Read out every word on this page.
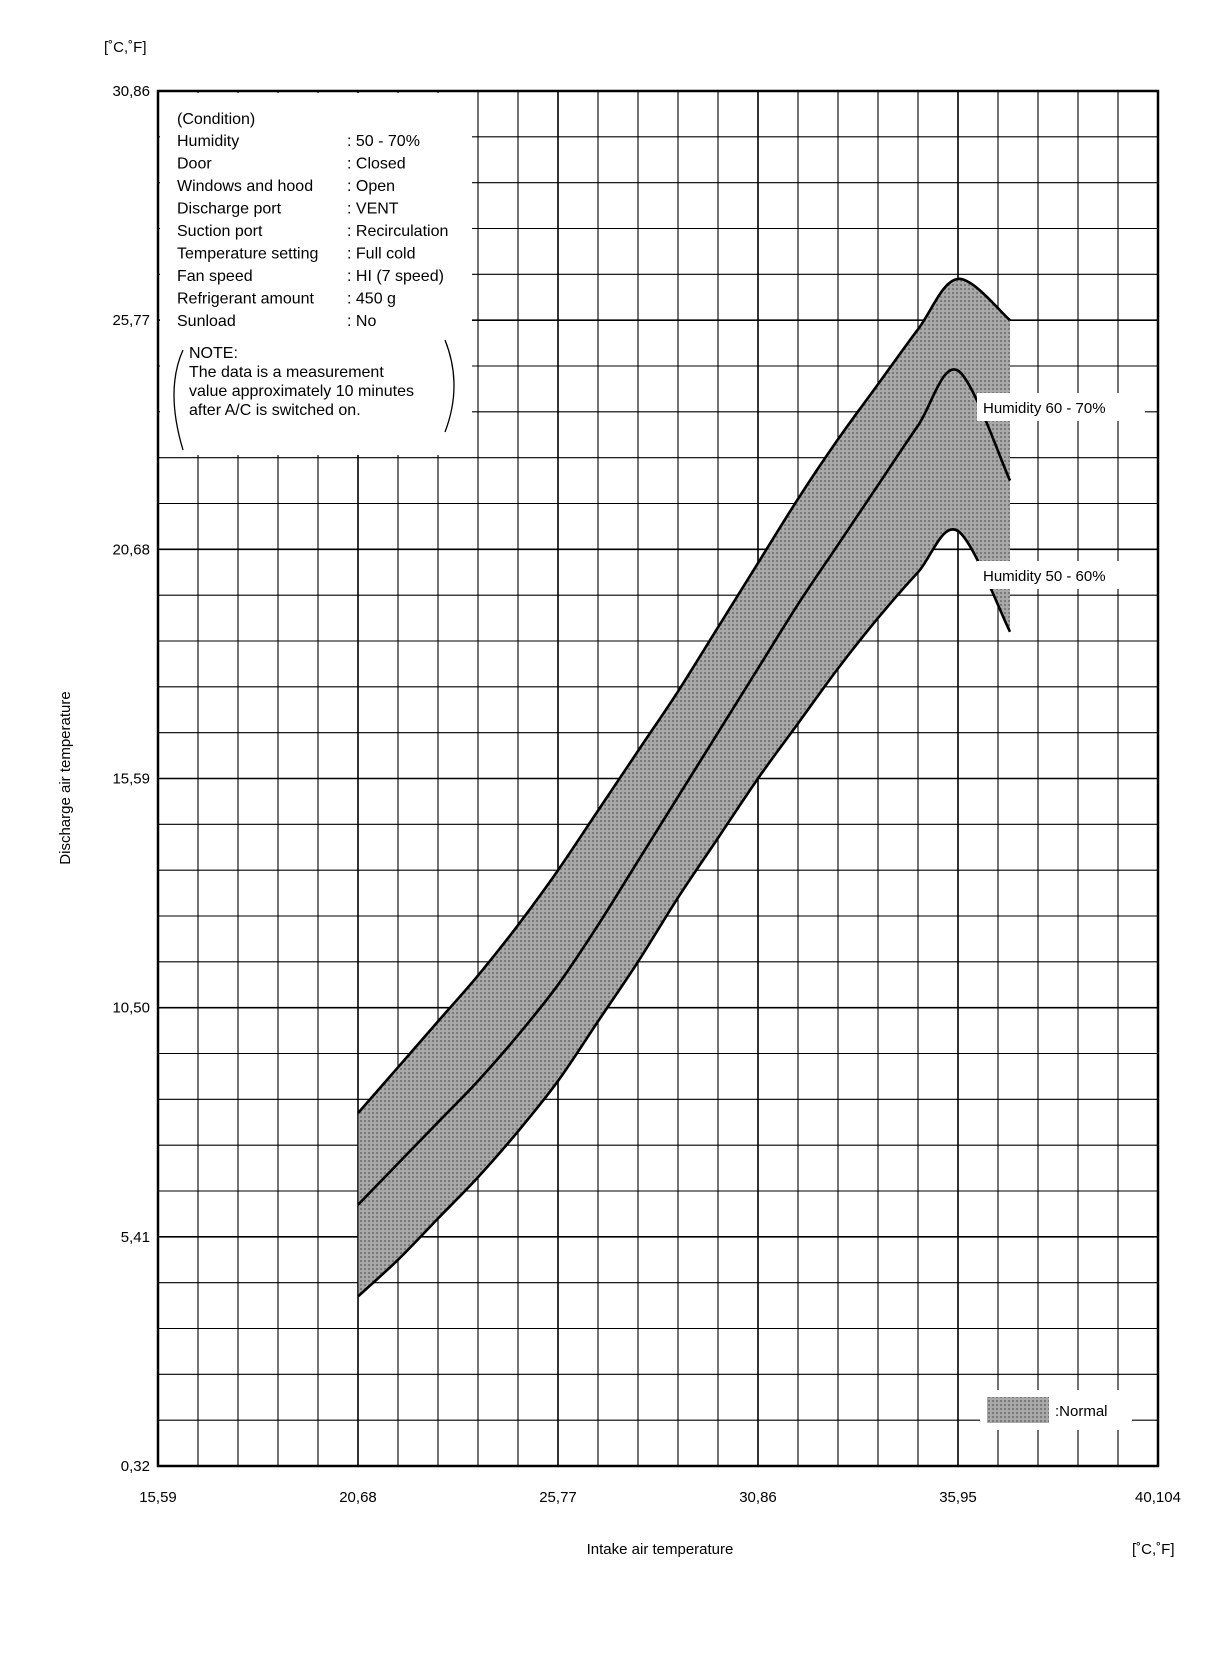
[˚C,˚F]
[˚C,˚F]
Intake air temperature
Discharge air temperature
15,59	20,68	25,77	30,86	35,95	40,104
0,32
5,41
10,50
15,59
20,68
25,77
30,86
(Condition)
Humidity	: 50 - 70%
Door	: Closed
Windows and hood : Open
Discharge port	: VENT
Suction port	: Recirculation
Temperature setting : Full cold
Fan speed	: HI (7 speed)
Refrigerant amount : 450 g
Sunload	: No
NOTE:
The data is a measurement
value approximately 10 minutes
after A/C is switched on.	Humidity 60 - 70%
Humidity 50 - 60%
:Normal
